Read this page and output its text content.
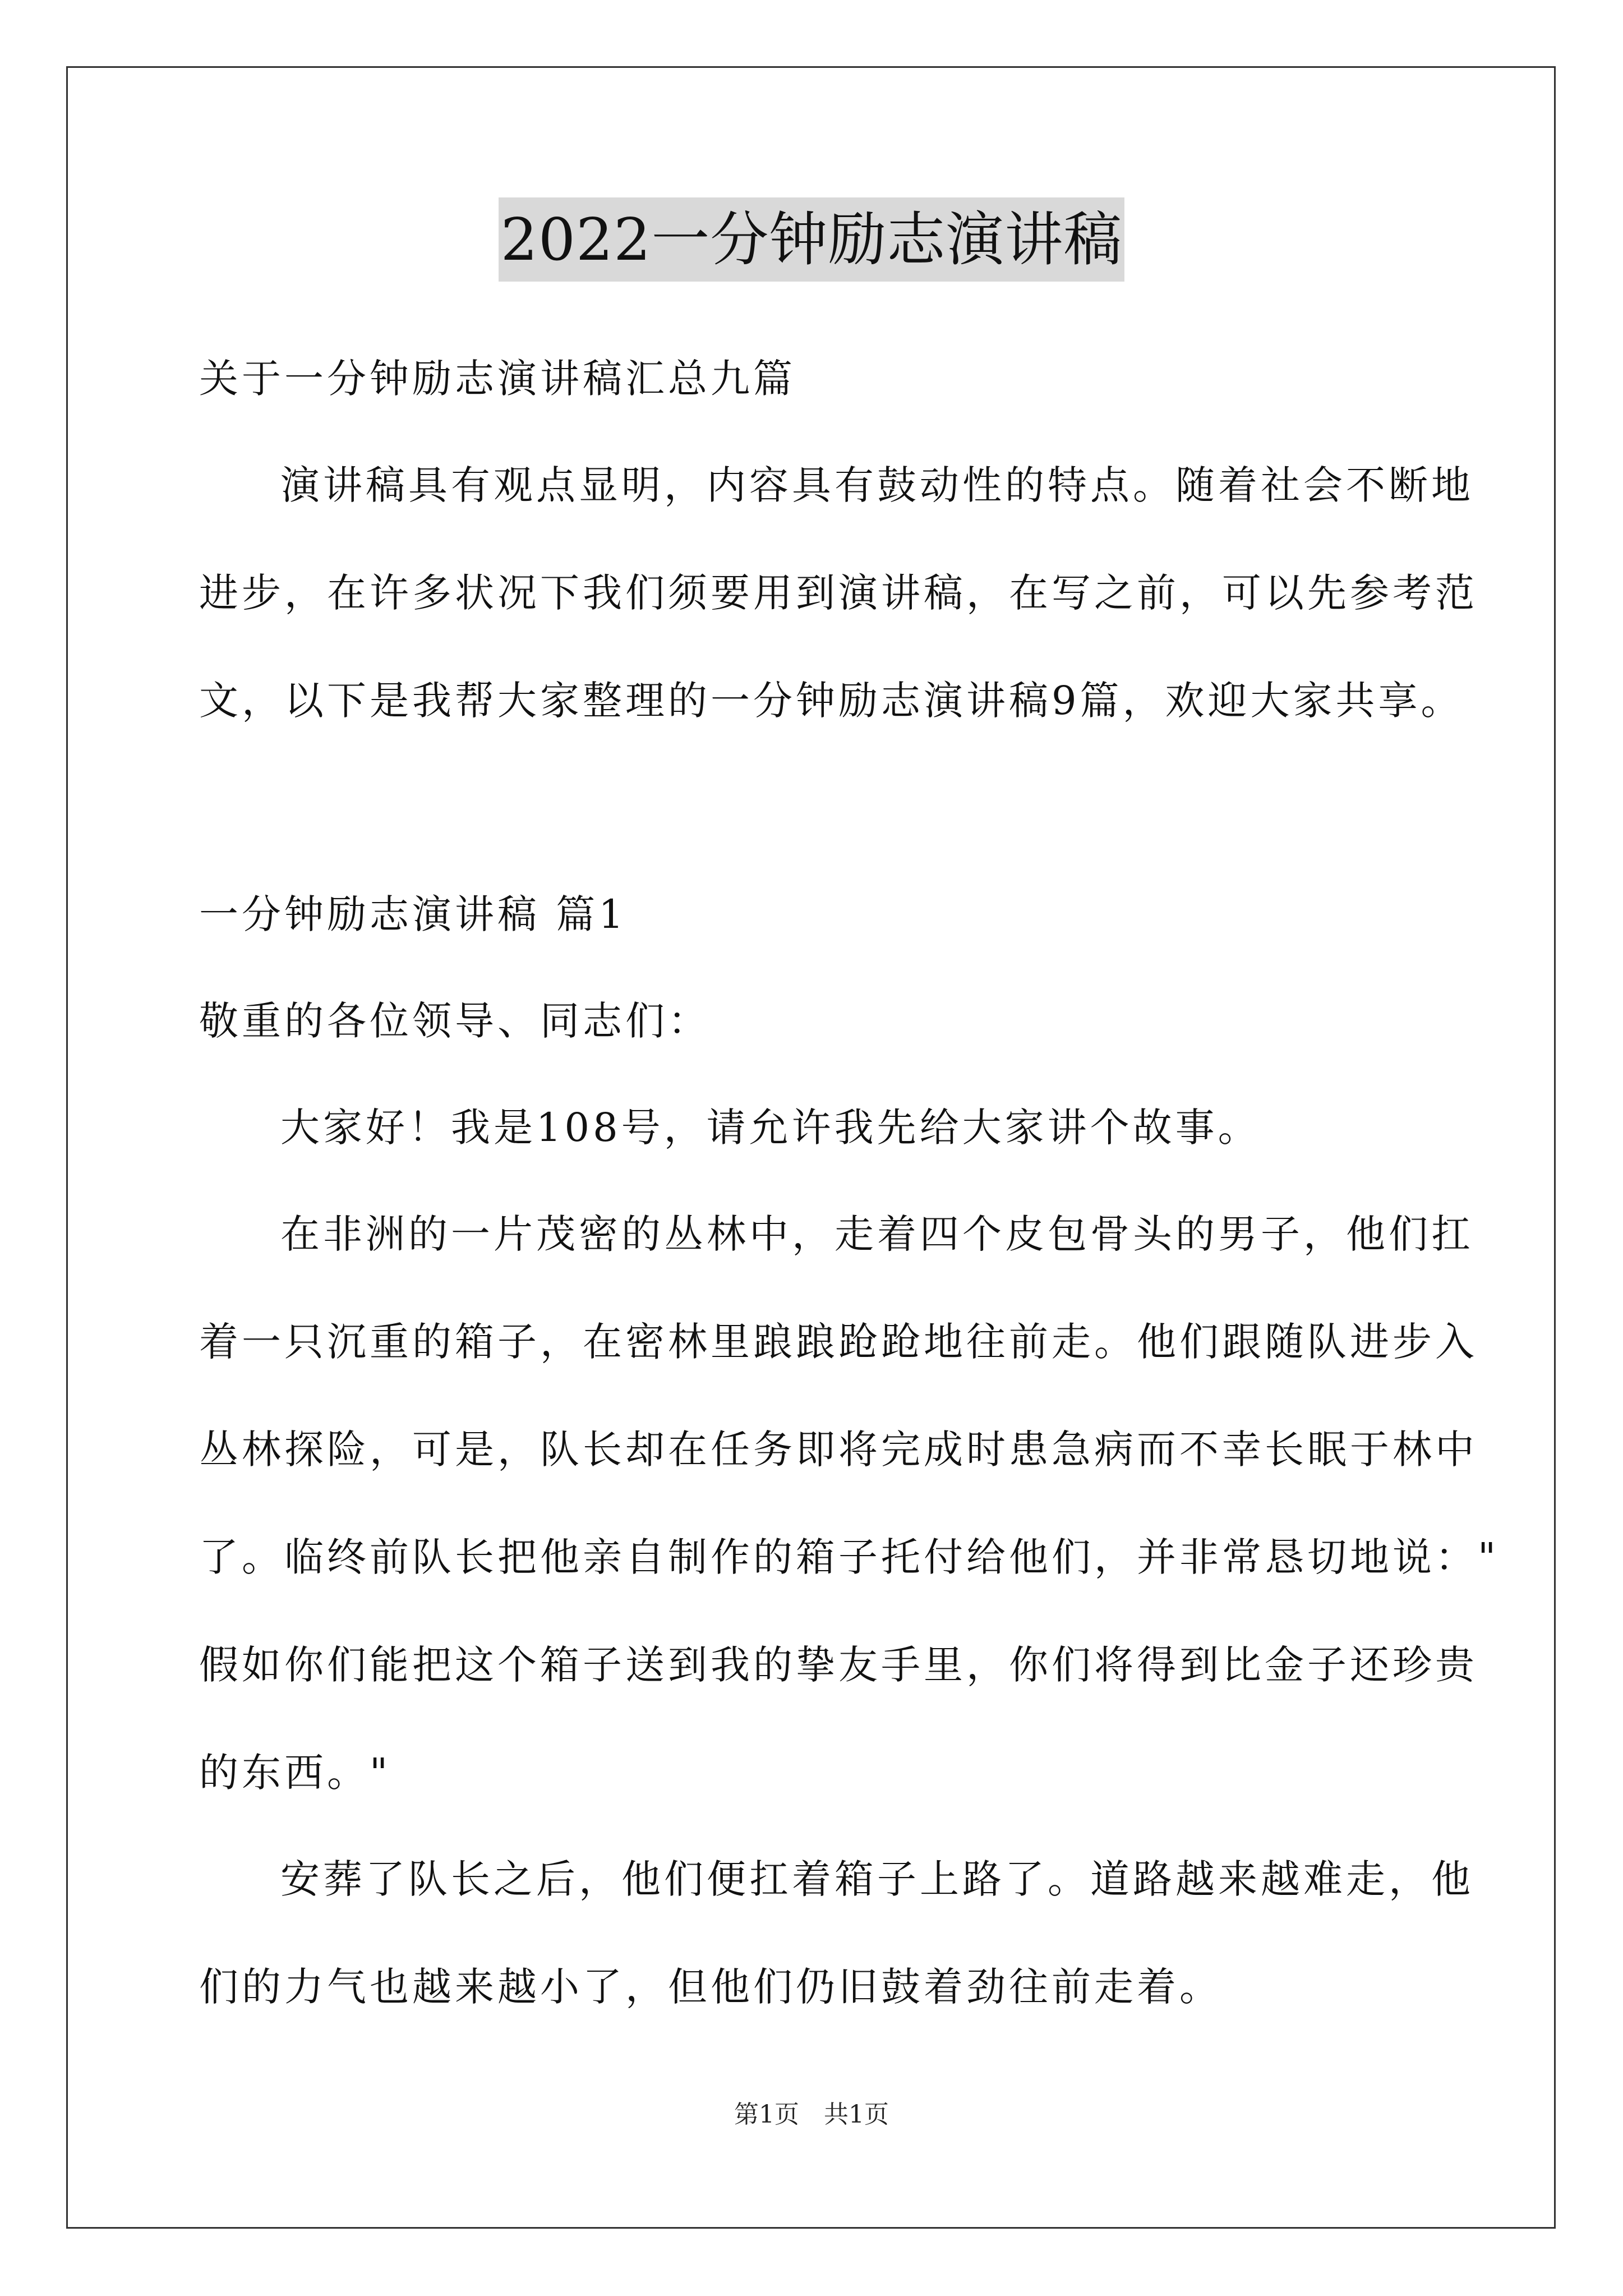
2022一分钟励志演讲稿
关于一分钟励志演讲稿汇总九篇
演讲稿具有观点显明，内容具有鼓动性的特点。随着社会不断地
进步，在许多状况下我们须要用到演讲稿，在写之前，可以先参考范
文，以下是我帮大家整理的一分钟励志演讲稿9篇，欢迎大家共享。
一分钟励志演讲稿 篇1
敬重的各位领导、同志们：
大家好！我是108号，请允许我先给大家讲个故事。
在非洲的一片茂密的丛林中，走着四个皮包骨头的男子，他们扛
着一只沉重的箱子，在密林里踉踉跄跄地往前走。他们跟随队进步入
丛林探险，可是，队长却在任务即将完成时患急病而不幸长眠于林中
了。临终前队长把他亲自制作的箱子托付给他们，并非常恳切地说："
假如你们能把这个箱子送到我的挚友手里，你们将得到比金子还珍贵
的东西。"
安葬了队长之后，他们便扛着箱子上路了。道路越来越难走，他
们的力气也越来越小了，但他们仍旧鼓着劲往前走着。
第1页　共1页
